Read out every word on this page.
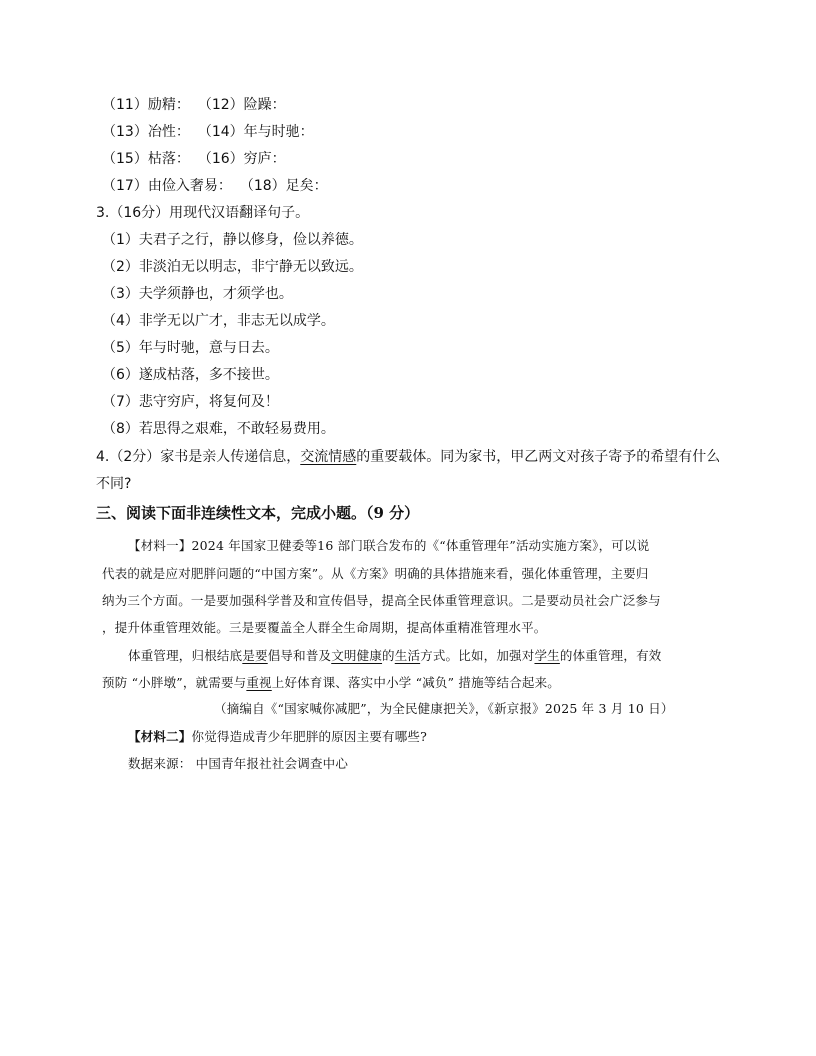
（11）励精： （12）险躁：
（13）冶性： （14）年与时驰：
（15）枯落： （16）穷庐：
（17）由俭入奢易： （18）足矣：
3.（16分）用现代汉语翻译句子。
（1）夫君子之行，静以修身，俭以养德。
（2）非淡泊无以明志，非宁静无以致远。
（3）夫学须静也，才须学也。
（4）非学无以广才，非志无以成学。
（5）年与时驰，意与日去。
（6）遂成枯落，多不接世。
（7）悲守穷庐，将复何及！
（8）若思得之艰难，不敢轻易费用。
4.（2分）家书是亲人传递信息，交流情感的重要载体。同为家书，甲乙两文对孩子寄予的希望有什么
不同?
三、阅读下面非连续性文本，完成小题。（9 分）
【材料一】2024 年国家卫健委等16 部门联合发布的《“体重管理年”活动实施方案》，可以说
代表的就是应对肥胖问题的“中国方案”。从《方案》明确的具体措施来看，强化体重管理，主要归
纳为三个方面。一是要加强科学普及和宣传倡导，提高全民体重管理意识。二是要动员社会广泛参与
，提升体重管理效能。三是要覆盖全人群全生命周期，提高体重精准管理水平。
体重管理，归根结底是要倡导和普及文明健康的生活方式。比如，加强对学生的体重管理，有效
预防 “小胖墩”，就需要与重视上好体育课、落实中小学 “减负” 措施等结合起来。
（摘编自《“国家喊你减肥”，为全民健康把关》，《新京报》2025 年 3 月 10 日）
【材料二】你觉得造成青少年肥胖的原因主要有哪些?
数据来源： 中国青年报社社会调查中心
